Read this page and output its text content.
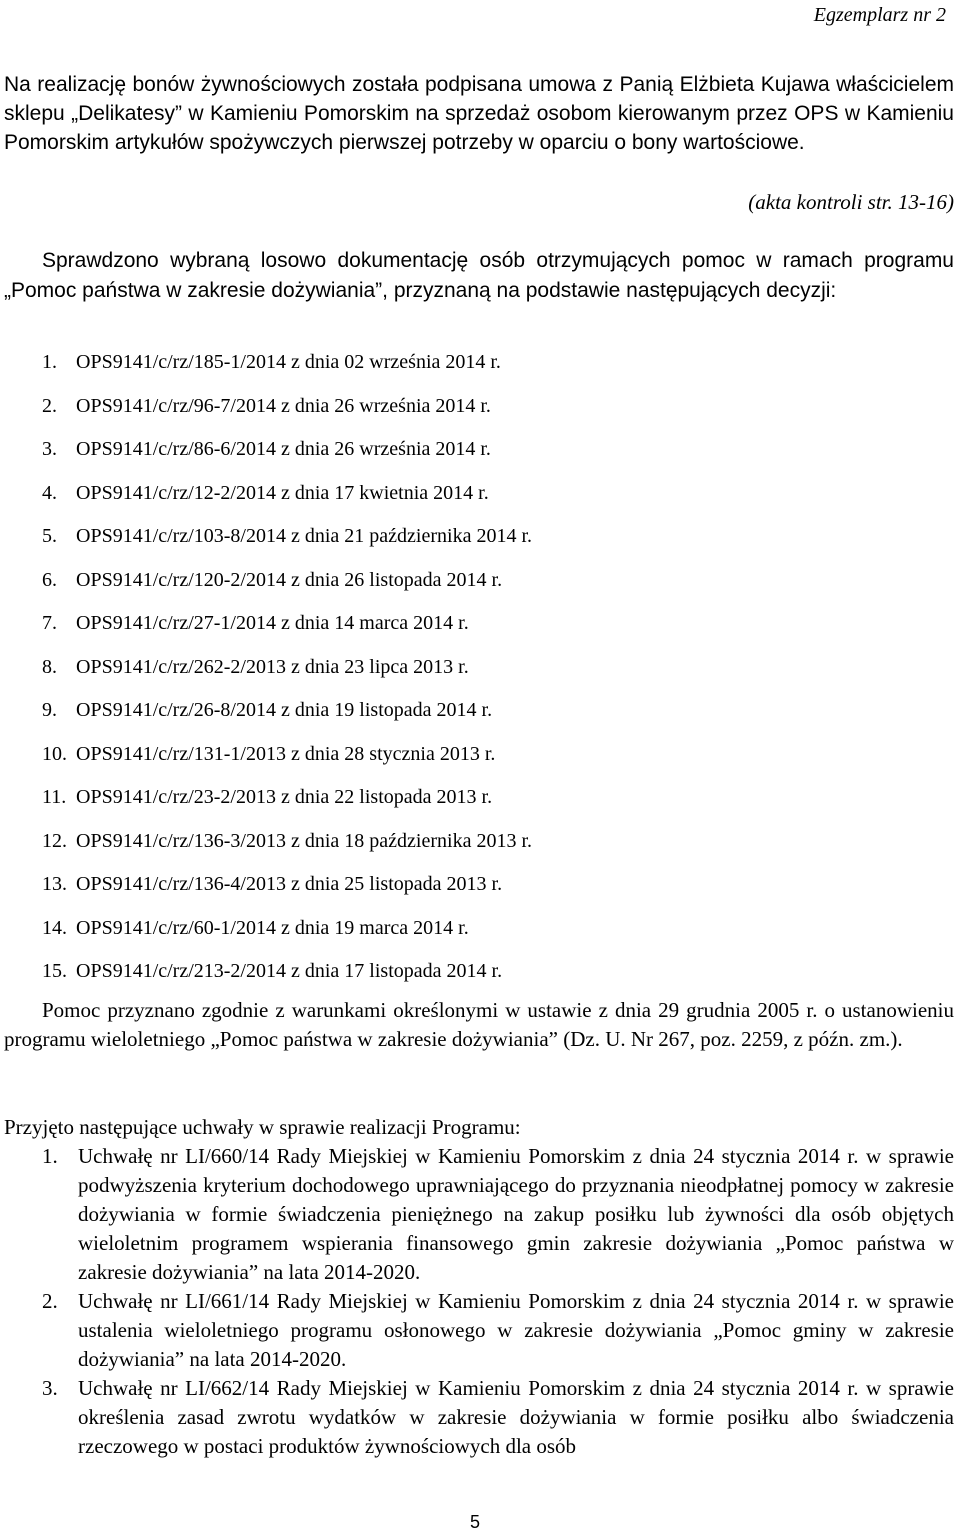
Egzemplarz nr 2
Na realizację bonów żywnościowych została podpisana umowa z Panią Elżbieta Kujawa właścicielem sklepu „Delikatesy” w Kamieniu Pomorskim na sprzedaż osobom kierowanym przez OPS w Kamieniu Pomorskim artykułów spożywczych pierwszej potrzeby w oparciu o bony wartościowe.
(akta kontroli str. 13-16)
Sprawdzono wybraną losowo dokumentację osób otrzymujących pomoc w ramach programu „Pomoc państwa w zakresie dożywiania”, przyznaną na podstawie następujących decyzji:
1. OPS9141/c/rz/185-1/2014 z dnia 02 września 2014 r.
2. OPS9141/c/rz/96-7/2014 z dnia 26 września 2014 r.
3. OPS9141/c/rz/86-6/2014 z dnia 26 września 2014 r.
4. OPS9141/c/rz/12-2/2014 z dnia 17 kwietnia 2014 r.
5. OPS9141/c/rz/103-8/2014 z dnia 21 października 2014 r.
6. OPS9141/c/rz/120-2/2014 z dnia 26 listopada 2014 r.
7. OPS9141/c/rz/27-1/2014 z dnia 14 marca 2014 r.
8. OPS9141/c/rz/262-2/2013 z dnia 23 lipca 2013 r.
9. OPS9141/c/rz/26-8/2014 z dnia 19 listopada 2014 r.
10. OPS9141/c/rz/131-1/2013 z dnia 28 stycznia 2013 r.
11. OPS9141/c/rz/23-2/2013 z dnia 22 listopada 2013 r.
12. OPS9141/c/rz/136-3/2013 z dnia 18 października 2013 r.
13. OPS9141/c/rz/136-4/2013 z dnia 25 listopada 2013 r.
14. OPS9141/c/rz/60-1/2014 z dnia 19 marca 2014 r.
15. OPS9141/c/rz/213-2/2014 z dnia 17 listopada 2014 r.
Pomoc przyznano zgodnie z warunkami określonymi w ustawie z dnia 29 grudnia 2005 r. o ustanowieniu programu wieloletniego „Pomoc państwa w zakresie dożywiania” (Dz. U. Nr 267, poz. 2259, z późn. zm.).
Przyjęto następujące uchwały w sprawie realizacji Programu:
1. Uchwałę nr LI/660/14 Rady Miejskiej w Kamieniu Pomorskim z dnia 24 stycznia 2014 r. w sprawie podwyższenia kryterium dochodowego uprawniającego do przyznania nieodpłatnej pomocy w zakresie dożywiania w formie świadczenia pieniężnego na zakup posiłku lub żywności dla osób objętych wieloletnim programem wspierania finansowego gmin zakresie dożywiania „Pomoc państwa w zakresie dożywiania” na lata 2014-2020.
2. Uchwałę nr LI/661/14 Rady Miejskiej w Kamieniu Pomorskim z dnia 24 stycznia 2014 r. w sprawie ustalenia wieloletniego programu osłonowego w zakresie dożywiania „Pomoc gminy w zakresie dożywiania” na lata 2014-2020.
3. Uchwałę nr LI/662/14 Rady Miejskiej w Kamieniu Pomorskim z dnia 24 stycznia 2014 r. w sprawie określenia zasad zwrotu wydatków w zakresie dożywiania w formie posiłku albo świadczenia rzeczowego w postaci produktów żywnościowych dla osób
5
